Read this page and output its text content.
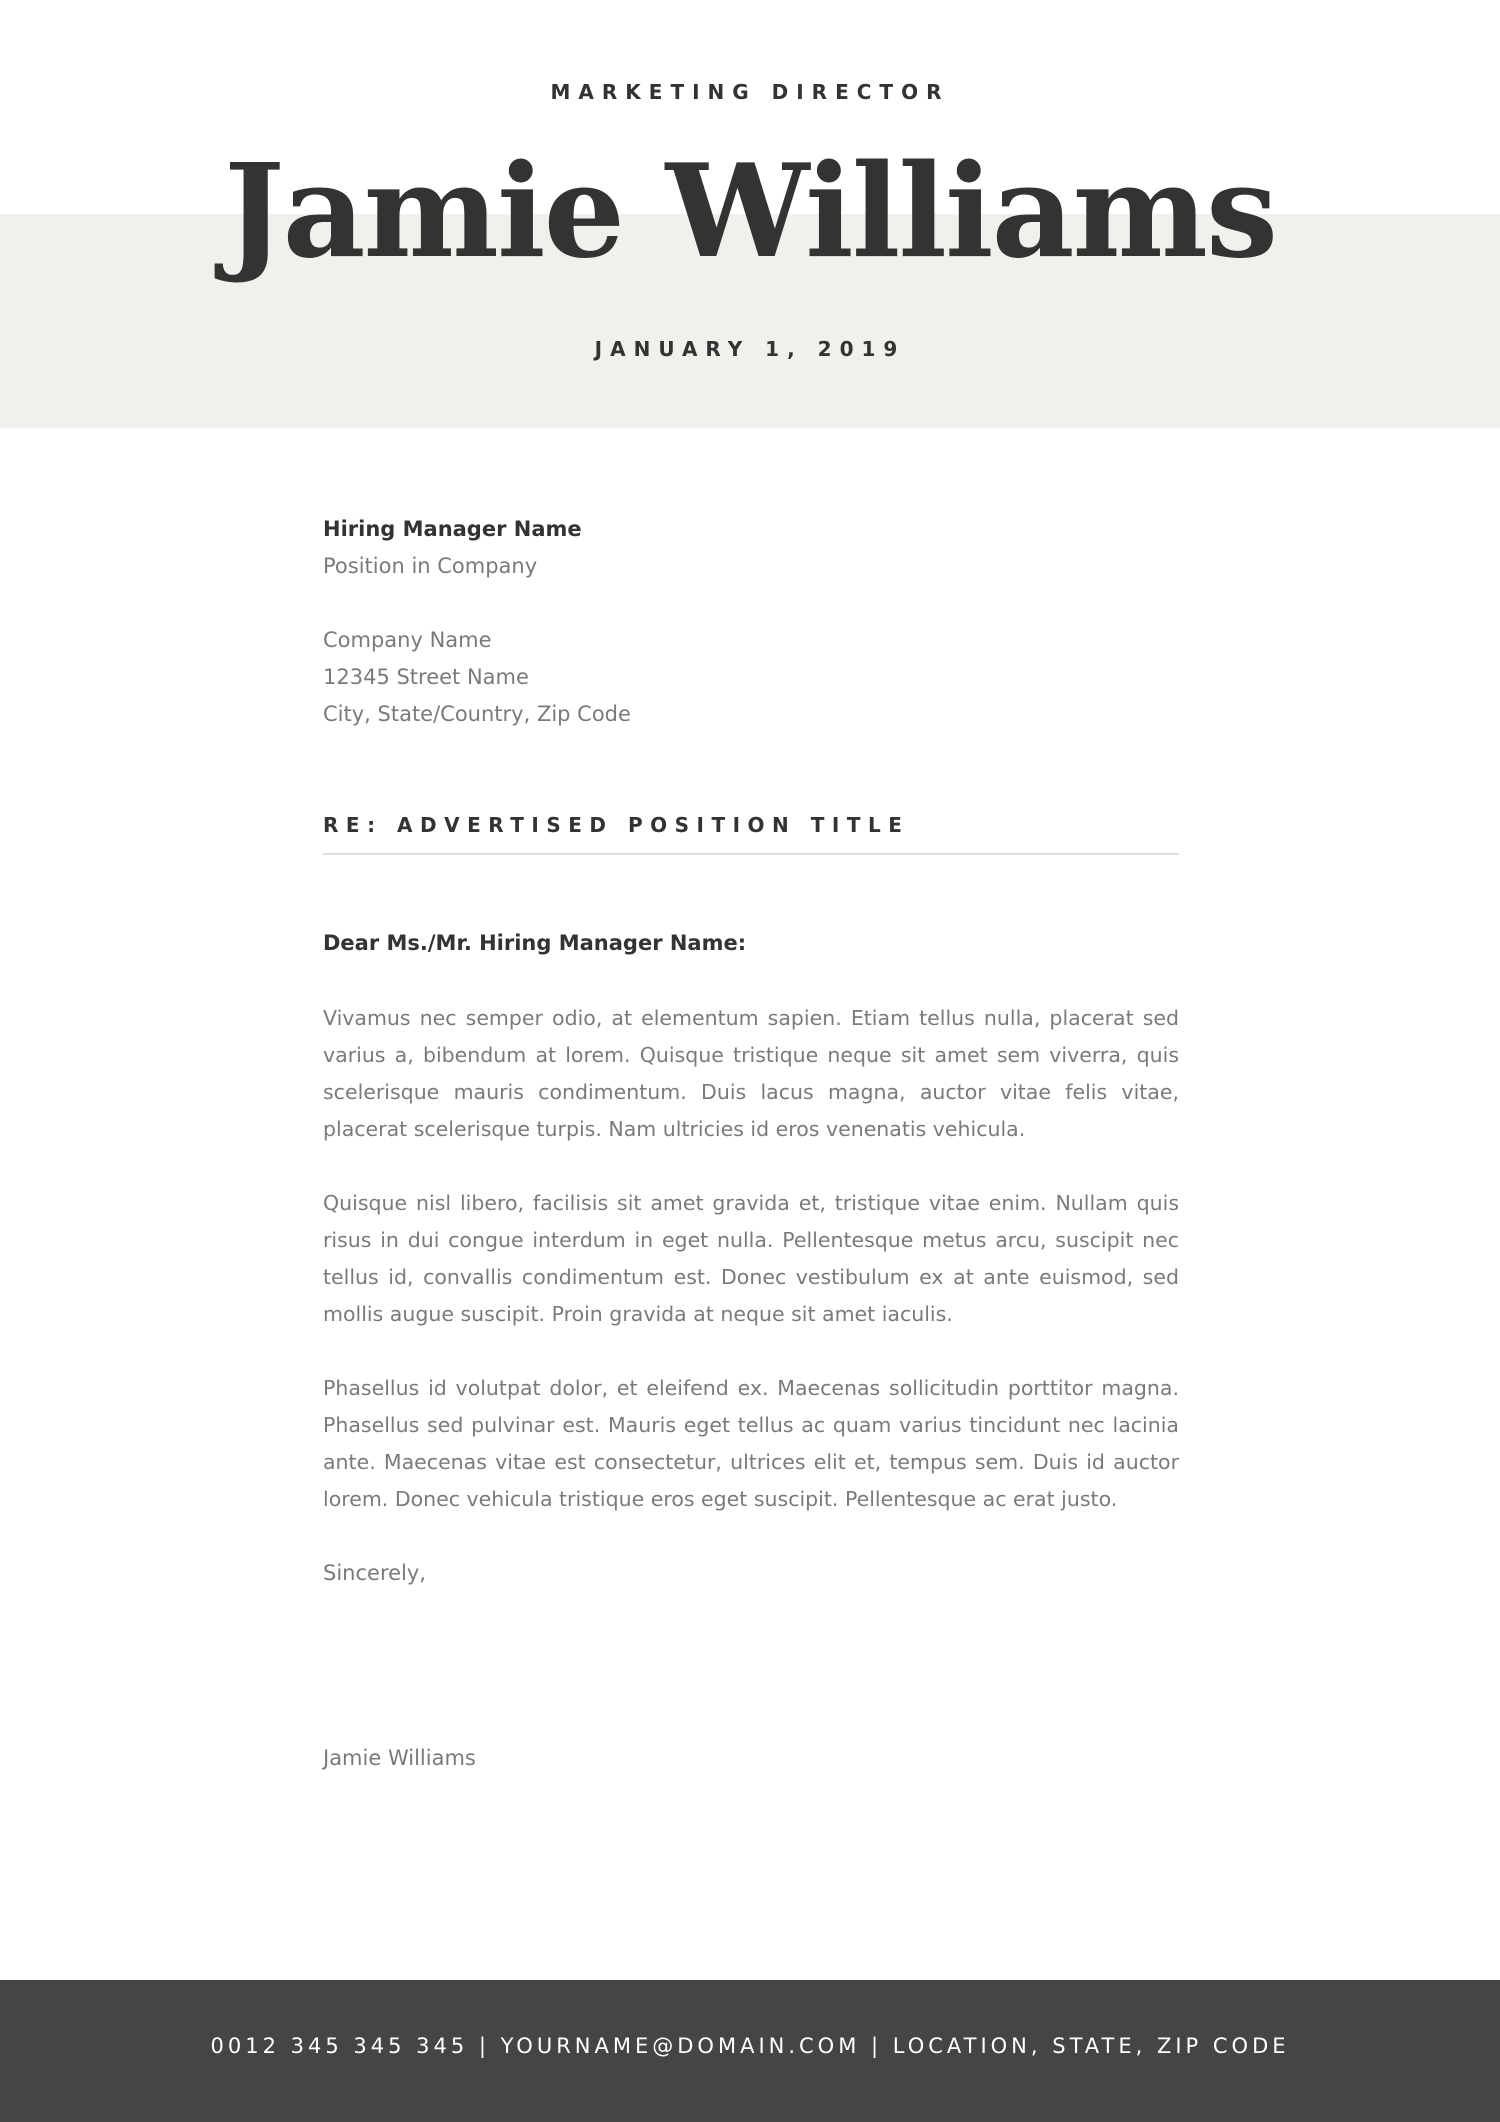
MARKETING DIRECTOR
Jamie Williams
JANUARY 1, 2019
Hiring Manager Name
Position in Company
Company Name
12345 Street Name
City, State/Country, Zip Code
RE: ADVERTISED POSITION TITLE
Dear Ms./Mr. Hiring Manager Name:

Vivamus nec semper odio, at elementum sapien. Etiam tellus nulla, placerat sed varius a, bibendum at lorem. Quisque tristique neque sit amet sem viverra, quis scelerisque mauris condimentum. Duis lacus magna, auctor vitae felis vitae, placerat scelerisque turpis. Nam ultricies id eros venenatis vehicula.

Quisque nisl libero, facilisis sit amet gravida et, tristique vitae enim. Nullam quis risus in dui congue interdum in eget nulla. Pellentesque metus arcu, suscipit nec tellus id, convallis condimentum est. Donec vestibulum ex at ante euismod, sed mollis augue suscipit. Proin gravida at neque sit amet iaculis.

Phasellus id volutpat dolor, et eleifend ex. Maecenas sollicitudin porttitor magna. Phasellus sed pulvinar est. Mauris eget tellus ac quam varius tincidunt nec lacinia ante. Maecenas vitae est consectetur, ultrices elit et, tempus sem. Duis id auctor lorem. Donec vehicula tristique eros eget suscipit. Pellentesque ac erat justo.

Sincerely,
Jamie Williams
0012 345 345 345 | YOURNAME@DOMAIN.COM | LOCATION, STATE, ZIP CODE
